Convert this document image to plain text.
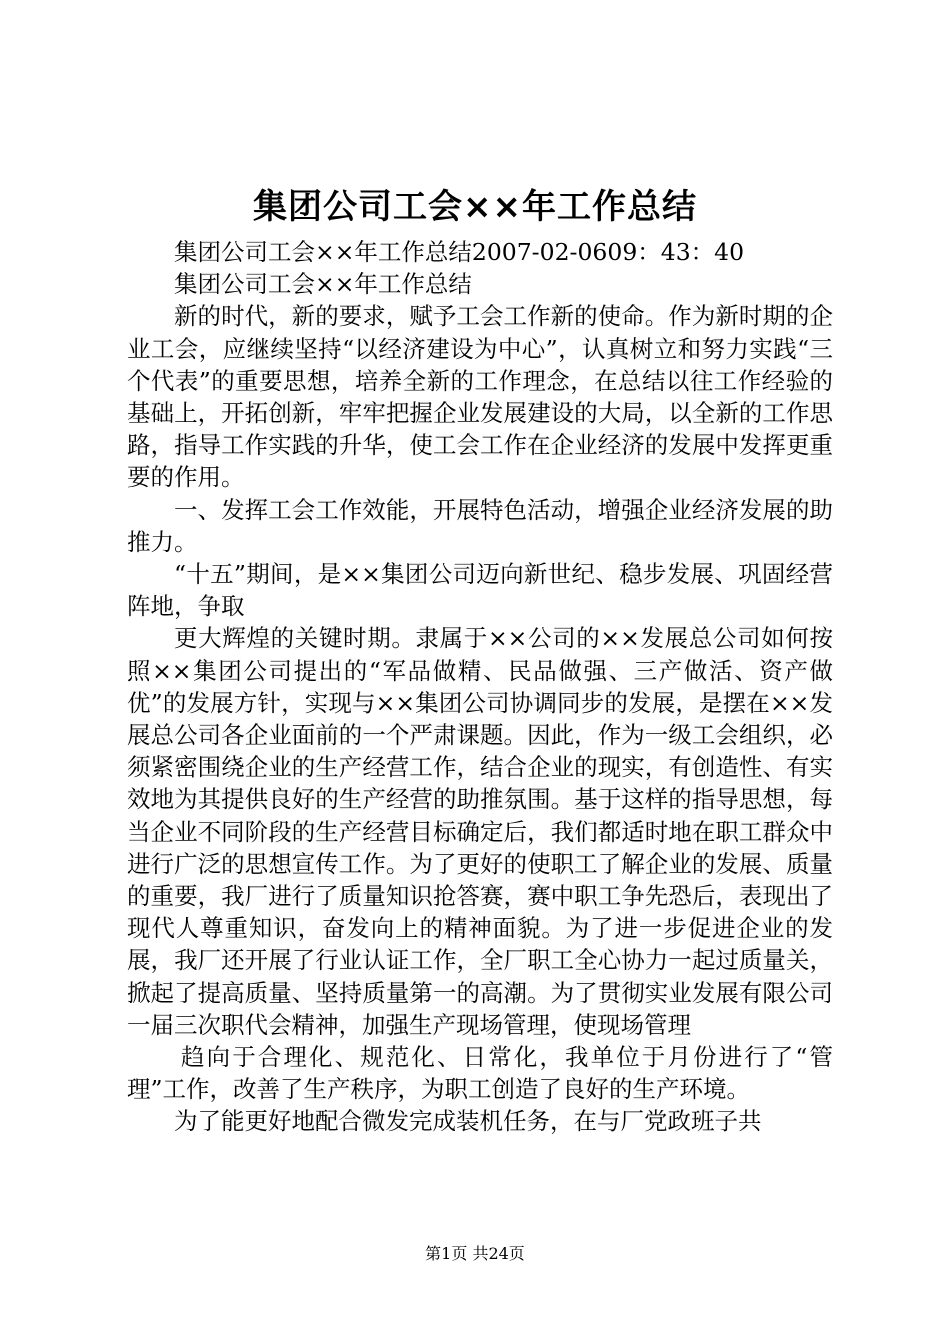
集团公司工会××年工作总结

集团公司工会××年工作总结2007-02-0609：43：40

集团公司工会××年工作总结

新的时代，新的要求，赋予工会工作新的使命。作为新时期的企业工会，应继续坚持“以经济建设为中心”，认真树立和努力实践“三个代表”的重要思想，培养全新的工作理念，在总结以往工作经验的基础上，开拓创新，牢牢把握企业发展建设的大局，以全新的工作思路，指导工作实践的升华，使工会工作在企业经济的发展中发挥更重要的作用。

一、发挥工会工作效能，开展特色活动，增强企业经济发展的助推力。

“十五”期间，是××集团公司迈向新世纪、稳步发展、巩固经营阵地，争取

更大辉煌的关键时期。隶属于××公司的××发展总公司如何按照××集团公司提出的“军品做精、民品做强、三产做活、资产做优”的发展方针，实现与××集团公司协调同步的发展，是摆在××发展总公司各企业面前的一个严肃课题。因此，作为一级工会组织，必须紧密围绕企业的生产经营工作，结合企业的现实，有创造性、有实效地为其提供良好的生产经营的助推氛围。基于这样的指导思想，每当企业不同阶段的生产经营目标确定后，我们都适时地在职工群众中进行广泛的思想宣传工作。为了更好的使职工了解企业的发展、质量的重要，我厂进行了质量知识抢答赛，赛中职工争先恐后，表现出了现代人尊重知识，奋发向上的精神面貌。为了进一步促进企业的发展，我厂还开展了行业认证工作，全厂职工全心协力一起过质量关，掀起了提高质量、坚持质量第一的高潮。为了贯彻实业发展有限公司一届三次职代会精神，加强生产现场管理，使现场管理

趋向于合理化、规范化、日常化，我单位于月份进行了“管理”工作，改善了生产秩序，为职工创造了良好的生产环境。

为了能更好地配合微发完成装机任务，在与厂党政班子共

第1页 共24页
